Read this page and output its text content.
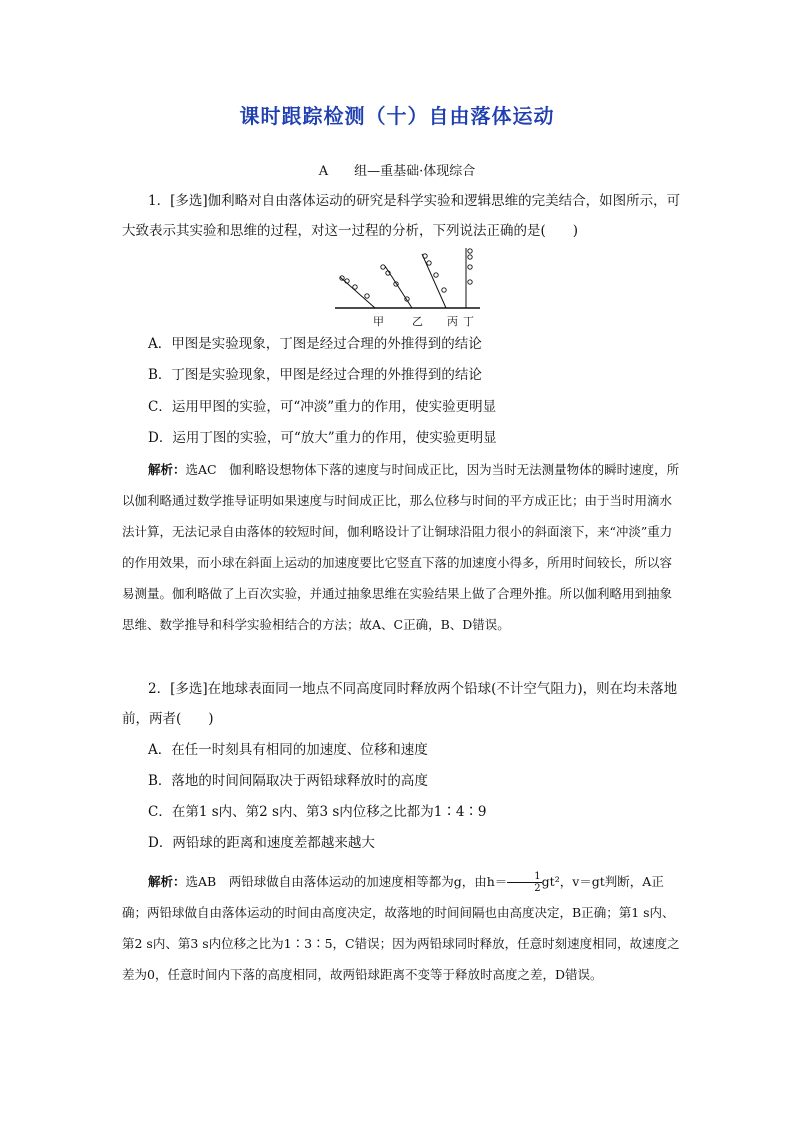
课时跟踪检测（十）自由落体运动
A　　组—重基础·体现综合
1．[多选]伽利略对自由落体运动的研究是科学实验和逻辑思维的完美结合，如图所示，可大致表示其实验和思维的过程，对这一过程的分析，下列说法正确的是(　　)
甲	乙 丙 丁
A．甲图是实验现象，丁图是经过合理的外推得到的结论
B．丁图是实验现象，甲图是经过合理的外推得到的结论
C．运用甲图的实验，可“冲淡”重力的作用，使实验更明显
D．运用丁图的实验，可“放大”重力的作用，使实验更明显
解析：选AC　伽利略设想物体下落的速度与时间成正比，因为当时无法测量物体的瞬时速度，所以伽利略通过数学推导证明如果速度与时间成正比，那么位移与时间的平方成正比；由于当时用滴水法计算，无法记录自由落体的较短时间，伽利略设计了让铜球沿阻力很小的斜面滚下，来“冲淡”重力的作用效果，而小球在斜面上运动的加速度要比它竖直下落的加速度小得多，所用时间较长，所以容易测量。伽利略做了上百次实验，并通过抽象思维在实验结果上做了合理外推。所以伽利略用到抽象思维、数学推导和科学实验相结合的方法；故A、C正确，B、D错误。
2．[多选]在地球表面同一地点不同高度同时释放两个铅球(不计空气阻力)，则在均未落地前，两者(　　)
A．在任一时刻具有相同的加速度、位移和速度
B．落地的时间间隔取决于两铅球释放时的高度
C．在第1 s内、第2 s内、第3 s内位移之比都为1∶4∶9
D．两铅球的距离和速度差都越来越大
解析：选AB　两铅球做自由落体运动的加速度相等都为g，由$h= \frac{1}{2} gt^2$，v＝gt判断，A正确；两铅球做自由落体运动的时间由高度决定，故落地的时间间隔也由高度决定，B正确；第1 s内、第2 s内、第3 s内位移之比为1∶3∶5，C错误；因为两铅球同时释放，任意时刻速度相同，故速度之差为0，任意时间内下落的高度相同，故两铅球距离不变等于释放时高度之差，D错误。
